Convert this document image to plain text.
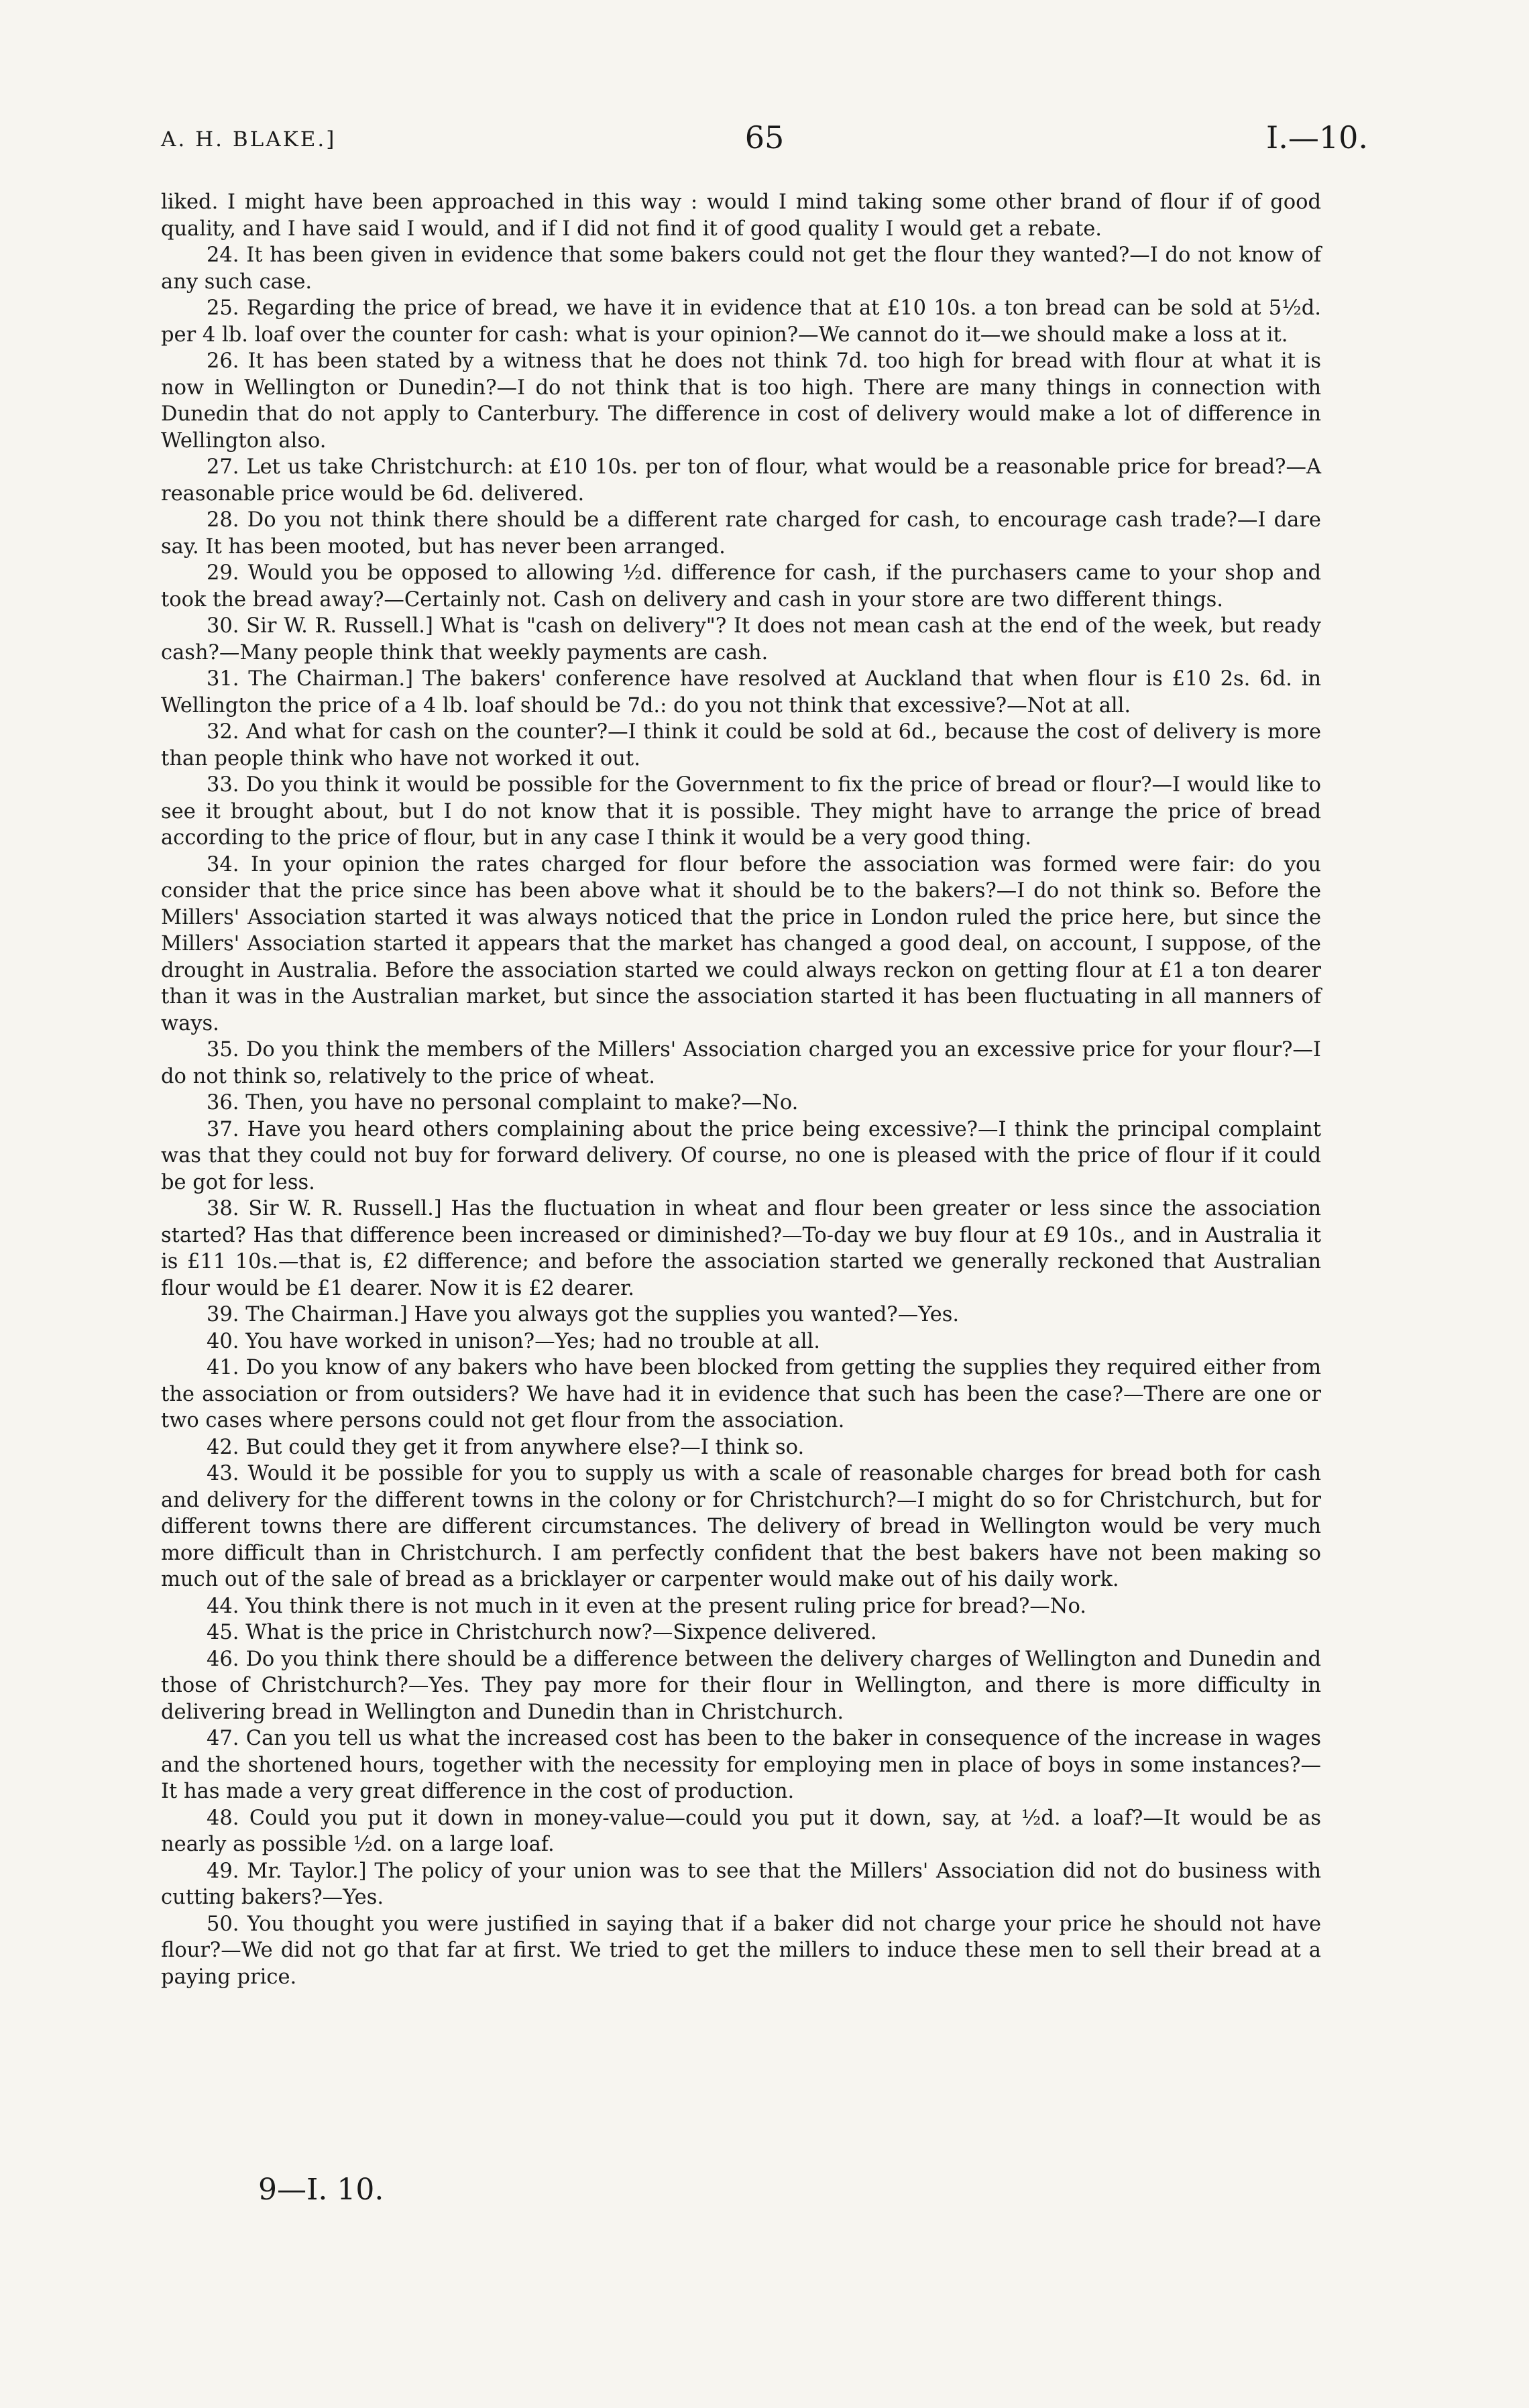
A. H. BLAKE.]	65	I.—10.

liked. I might have been approached in this way : would I mind taking some other brand of flour if of good quality, and I have said I would, and if I did not find it of good quality I would get a rebate.

24. It has been given in evidence that some bakers could not get the flour they wanted?—I do not know of any such case.

25. Regarding the price of bread, we have it in evidence that at £10 10s. a ton bread can be sold at 5½d. per 4 lb. loaf over the counter for cash: what is your opinion?—We cannot do it—we should make a loss at it.

26. It has been stated by a witness that he does not think 7d. too high for bread with flour at what it is now in Wellington or Dunedin?—I do not think that is too high. There are many things in connection with Dunedin that do not apply to Canterbury. The difference in cost of delivery would make a lot of difference in Wellington also.

27. Let us take Christchurch: at £10 10s. per ton of flour, what would be a reasonable price for bread?—A reasonable price would be 6d. delivered.

28. Do you not think there should be a different rate charged for cash, to encourage cash trade?—I dare say. It has been mooted, but has never been arranged.

29. Would you be opposed to allowing ½d. difference for cash, if the purchasers came to your shop and took the bread away?—Certainly not. Cash on delivery and cash in your store are two different things.

30. Sir W. R. Russell.] What is "cash on delivery"? It does not mean cash at the end of the week, but ready cash?—Many people think that weekly payments are cash.

31. The Chairman.] The bakers' conference have resolved at Auckland that when flour is £10 2s. 6d. in Wellington the price of a 4 lb. loaf should be 7d.: do you not think that excessive?—Not at all.

32. And what for cash on the counter?—I think it could be sold at 6d., because the cost of delivery is more than people think who have not worked it out.

33. Do you think it would be possible for the Government to fix the price of bread or flour?—I would like to see it brought about, but I do not know that it is possible. They might have to arrange the price of bread according to the price of flour, but in any case I think it would be a very good thing.

34. In your opinion the rates charged for flour before the association was formed were fair: do you consider that the price since has been above what it should be to the bakers?—I do not think so. Before the Millers' Association started it was always noticed that the price in London ruled the price here, but since the Millers' Association started it appears that the market has changed a good deal, on account, I suppose, of the drought in Australia. Before the association started we could always reckon on getting flour at £1 a ton dearer than it was in the Australian market, but since the association started it has been fluctuating in all manners of ways.

35. Do you think the members of the Millers' Association charged you an excessive price for your flour?—I do not think so, relatively to the price of wheat.

36. Then, you have no personal complaint to make?—No.

37. Have you heard others complaining about the price being excessive?—I think the principal complaint was that they could not buy for forward delivery. Of course, no one is pleased with the price of flour if it could be got for less.

38. Sir W. R. Russell.] Has the fluctuation in wheat and flour been greater or less since the association started? Has that difference been increased or diminished?—To-day we buy flour at £9 10s., and in Australia it is £11 10s.—that is, £2 difference; and before the association started we generally reckoned that Australian flour would be £1 dearer. Now it is £2 dearer.

39. The Chairman.] Have you always got the supplies you wanted?—Yes.

40. You have worked in unison?—Yes; had no trouble at all.

41. Do you know of any bakers who have been blocked from getting the supplies they required either from the association or from outsiders? We have had it in evidence that such has been the case?—There are one or two cases where persons could not get flour from the association.

42. But could they get it from anywhere else?—I think so.

43. Would it be possible for you to supply us with a scale of reasonable charges for bread both for cash and delivery for the different towns in the colony or for Christchurch?—I might do so for Christchurch, but for different towns there are different circumstances. The delivery of bread in Wellington would be very much more difficult than in Christchurch. I am perfectly confident that the best bakers have not been making so much out of the sale of bread as a bricklayer or carpenter would make out of his daily work.

44. You think there is not much in it even at the present ruling price for bread?—No.

45. What is the price in Christchurch now?—Sixpence delivered.

46. Do you think there should be a difference between the delivery charges of Wellington and Dunedin and those of Christchurch?—Yes. They pay more for their flour in Wellington, and there is more difficulty in delivering bread in Wellington and Dunedin than in Christchurch.

47. Can you tell us what the increased cost has been to the baker in consequence of the increase in wages and the shortened hours, together with the necessity for employing men in place of boys in some instances?—It has made a very great difference in the cost of production.

48. Could you put it down in money-value—could you put it down, say, at ½d. a loaf?—It would be as nearly as possible ½d. on a large loaf.

49. Mr. Taylor.] The policy of your union was to see that the Millers' Association did not do business with cutting bakers?—Yes.

50. You thought you were justified in saying that if a baker did not charge your price he should not have flour?—We did not go that far at first. We tried to get the millers to induce these men to sell their bread at a paying price.

9—I. 10.
